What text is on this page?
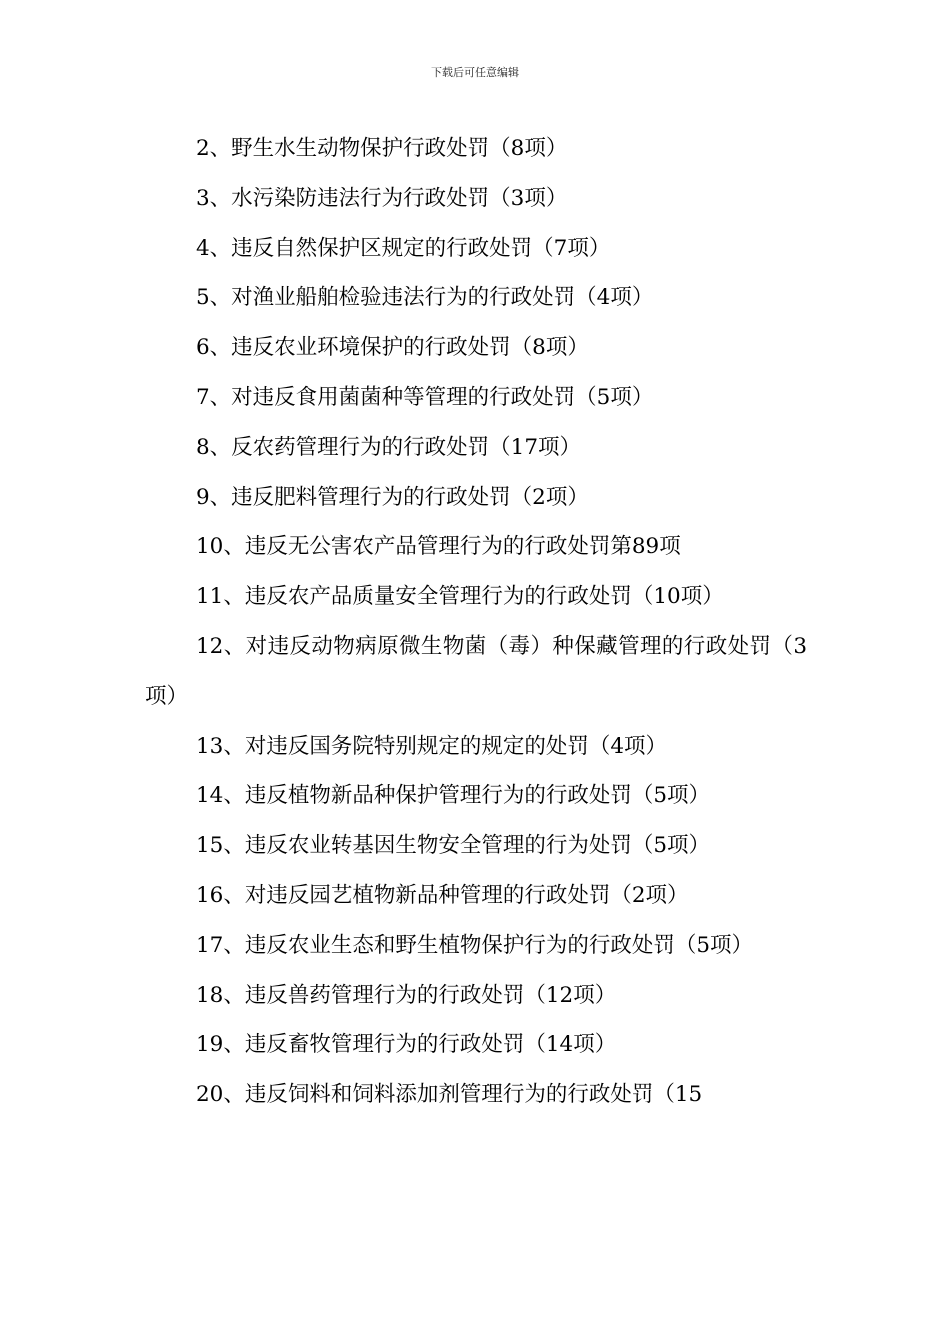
下载后可任意编辑

2、野生水生动物保护行政处罚（8项）

3、水污染防违法行为行政处罚（3项）

4、违反自然保护区规定的行政处罚（7项）

5、对渔业船舶检验违法行为的行政处罚（4项）

6、违反农业环境保护的行政处罚（8项）

7、对违反食用菌菌种等管理的行政处罚（5项）

8、反农药管理行为的行政处罚（17项）

9、违反肥料管理行为的行政处罚（2项）

10、违反无公害农产品管理行为的行政处罚第89项

11、违反农产品质量安全管理行为的行政处罚（10项）

12、对违反动物病原微生物菌（毒）种保藏管理的行政处罚（3项）

13、对违反国务院特别规定的规定的处罚（4项）

14、违反植物新品种保护管理行为的行政处罚（5项）

15、违反农业转基因生物安全管理的行为处罚（5项）

16、对违反园艺植物新品种管理的行政处罚（2项）

17、违反农业生态和野生植物保护行为的行政处罚（5项）

18、违反兽药管理行为的行政处罚（12项）

19、违反畜牧管理行为的行政处罚（14项）

20、违反饲料和饲料添加剂管理行为的行政处罚（15
